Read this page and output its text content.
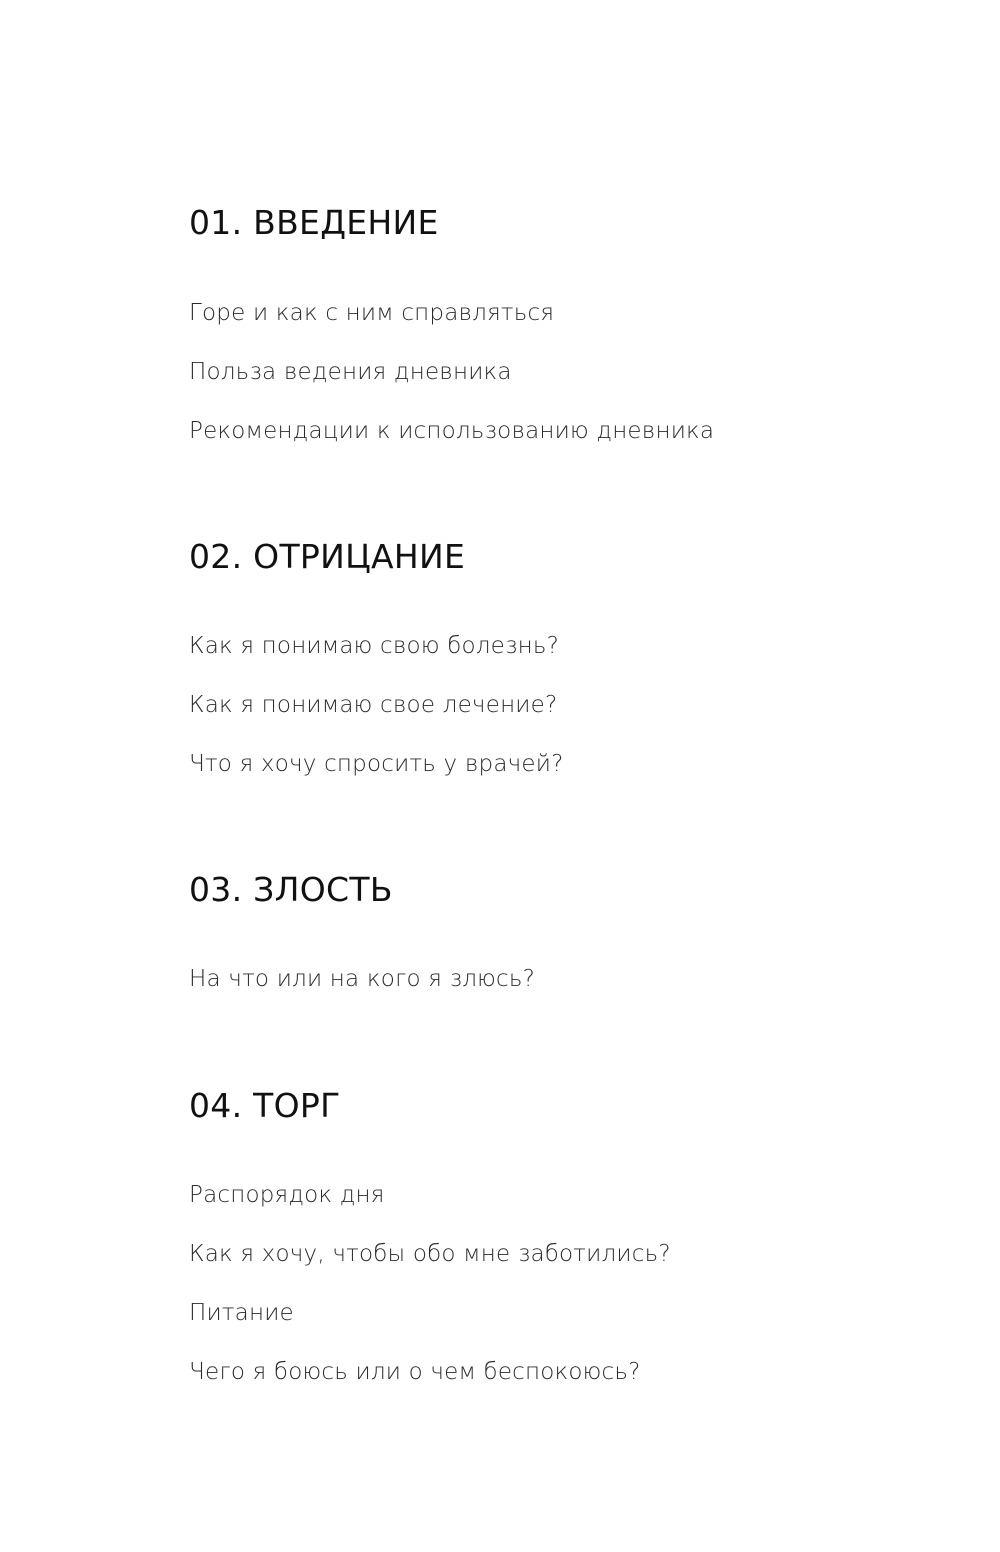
01. ВВЕДЕНИЕ

Горе и как с ним справляться

Польза ведения дневника

Рекомендации к использованию дневника

02. ОТРИЦАНИЕ

Как я понимаю свою болезнь?

Как я понимаю свое лечение?

Что я хочу спросить у врачей?

03. ЗЛОСТЬ

На что или на кого я злюсь?

04. ТОРГ

Распорядок дня

Как я хочу, чтобы обо мне заботились?

Питание

Чего я боюсь или о чем беспокоюсь?
